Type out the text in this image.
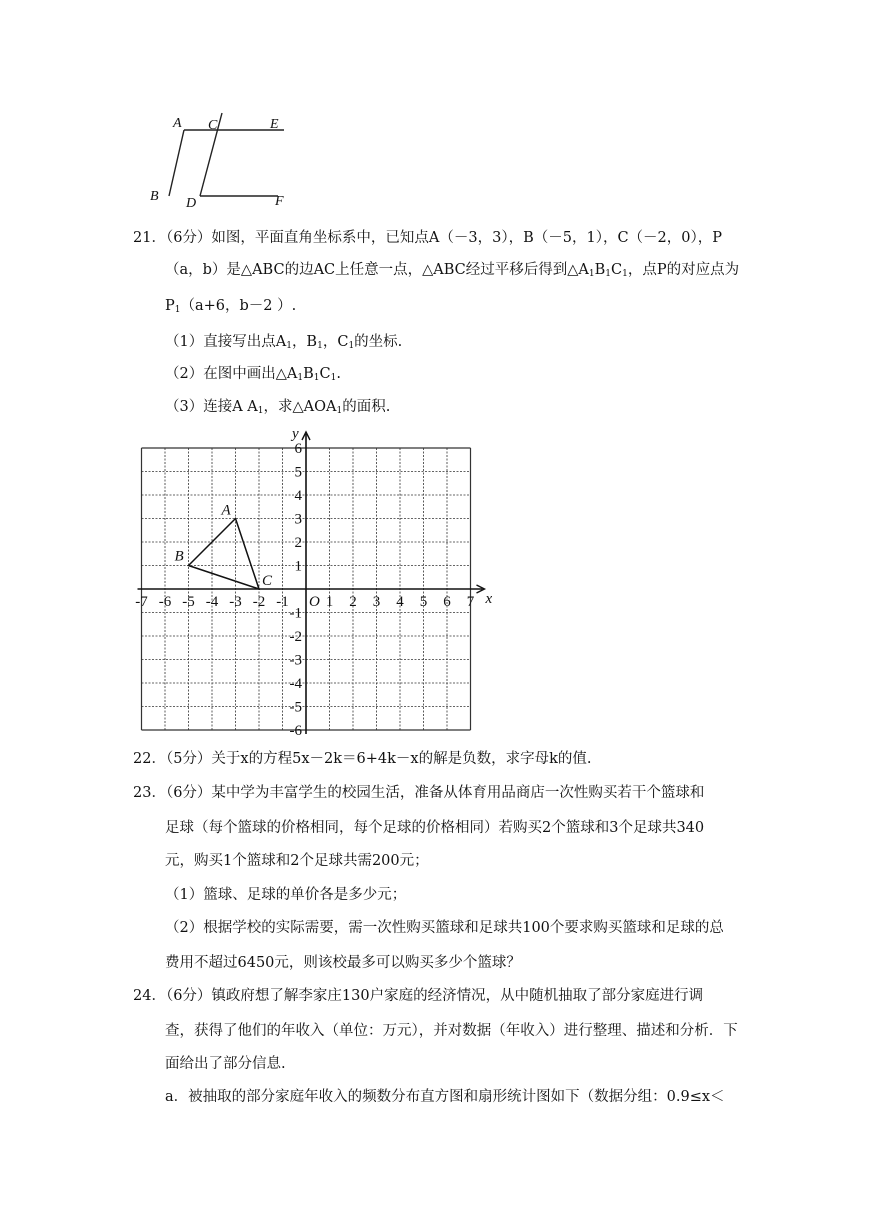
A C	E
B D	F
21．（6分）如图，平面直角坐标系中，已知点A（－3，3），B（－5，1），C（－2，0），P
（a，b）是△ABC的边AC上任意一点，△ABC经过平移后得到$\triangle A_1B_1C_1$，点P的对应点为
$P_1(a+6$，b－2 ）.
（1）直接写出点$A_1$，$B_1$，$C_1$的坐标.
（2）在图中画出$\triangle A_1B_1C_1$.
（3）连接A $A_1$，求$\triangle AOA_1$的面积.
-7 -6 -5 -4 -3 -2 -1 1 2 3 4 5 6 7
6
5
4
3
2
1
-1
-2
-3
-4
-5
-6
O	x
y
A
B
C
22．（5分）关于x的方程5x－2k＝6+4k－x的解是负数，求字母k的值.
23．（6分）某中学为丰富学生的校园生活，准备从体育用品商店一次性购买若干个篮球和
足球（每个篮球的价格相同，每个足球的价格相同）若购买2个篮球和3个足球共340
元，购买1个篮球和2个足球共需200元；
（1）篮球、足球的单价各是多少元；
（2）根据学校的实际需要，需一次性购买篮球和足球共100个要求购买篮球和足球的总
费用不超过6450元，则该校最多可以购买多少个篮球？
24．（6分）镇政府想了解李家庄130户家庭的经济情况，从中随机抽取了部分家庭进行调
查，获得了他们的年收入（单位：万元），并对数据（年收入）进行整理、描述和分析．下
面给出了部分信息.
a．被抽取的部分家庭年收入的频数分布直方图和扇形统计图如下（数据分组：0.9≤x＜
